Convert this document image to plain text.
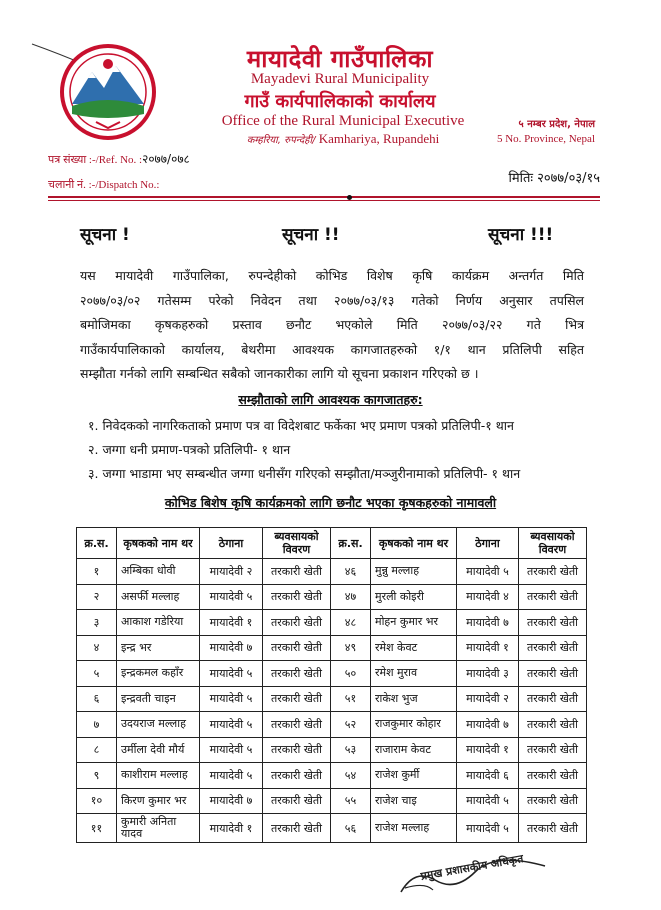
मायादेवी गाउँपालिका
Mayadevi Rural Municipality
गाउँ कार्यपालिकाको कार्यालय
Office of the Rural Municipal Executive
कम्हरिया, रुपन्देही/ Kamhariya, Rupandehi
५ नम्बर प्रदेश, नेपाल
5 No. Province, Nepal
पत्र संख्या :-/Ref. No. :२०७७/०७८
चलानी नं. :-/Dispatch No.:	मितिः २०७७/०३/१५
सूचना !	सूचना !!	सूचना !!!
यस मायादेवी गाउँपालिका, रुपन्देहीको कोभिड विशेष कृषि कार्यक्रम अन्तर्गत मिति
२०७७/०३/०२ गतेसम्म परेको निवेदन तथा २०७७/०३/१३ गतेको निर्णय अनुसार तपसिल
बमोजिमका कृषकहरुको प्रस्ताव छनौट भएकोले मिति २०७७/०३/२२ गते भित्र
गाउँकार्यपालिकाको कार्यालय, बेथरीमा आवश्यक कागजातहरुको १/१ थान प्रतिलिपी सहित
सम्झौता गर्नको लागि सम्बन्धित सबैको जानकारीका लागि यो सूचना प्रकाशन गरिएको छ ।
सम्झौताको लागि आवश्यक कागजातहरु:
१. निवेदकको नागरिकताको प्रमाण पत्र वा विदेशबाट फर्केका भए प्रमाण पत्रको प्रतिलिपी-१ थान
२. जग्गा धनी प्रमाण-पत्रको प्रतिलिपी- १ थान
३. जग्गा भाडामा भए सम्बन्धीत जग्गा धनीसँग गरिएको सम्झौता/मञ्जुरीनामाको प्रतिलिपी- १ थान
कोभिड बिशेष कृषि कार्यक्रमको लागि छनौट भएका कृषकहरुको नामावली
क्र.स.	कृषकको नाम थर	ठेगाना	ब्यवसायको विवरण	क्र.स.	कृषकको नाम थर	ठेगाना	ब्यवसायको विवरण
१	अम्बिका धोवी	मायादेवी २	तरकारी खेती	४६	मुन्नु मल्लाह	मायादेवी ५	तरकारी खेती
२	असर्फी मल्लाह	मायादेवी ५	तरकारी खेती	४७	मुरली कोइरी	मायादेवी ४	तरकारी खेती
३	आकाश गडेरिया	मायादेवी १	तरकारी खेती	४८	मोहन कुमार भर	मायादेवी ७	तरकारी खेती
४	इन्द्र भर	मायादेवी ७	तरकारी खेती	४९	रमेश केवट	मायादेवी १	तरकारी खेती
५	इन्द्रकमल कहाँर	मायादेवी ५	तरकारी खेती	५०	रमेश मुराव	मायादेवी ३	तरकारी खेती
६	इन्द्रवती चाइन	मायादेवी ५	तरकारी खेती	५१	राकेश भुज	मायादेवी २	तरकारी खेती
७	उदयराज मल्लाह	मायादेवी ५	तरकारी खेती	५२	राजकुमार कोहार	मायादेवी ७	तरकारी खेती
८	उर्मीला देवी मौर्य	मायादेवी ५	तरकारी खेती	५३	राजाराम केवट	मायादेवी १	तरकारी खेती
९	काशीराम मल्लाह	मायादेवी ५	तरकारी खेती	५४	राजेश कुर्मी	मायादेवी ६	तरकारी खेती
१०	किरण कुमार भर	मायादेवी ७	तरकारी खेती	५५	राजेश चाइ	मायादेवी ५	तरकारी खेती
११	कुमारी अनिता यादव	मायादेवी १	तरकारी खेती	५६	राजेश मल्लाह	मायादेवी ५	तरकारी खेती
प्रमुख प्रशासकीय अधिकृत
